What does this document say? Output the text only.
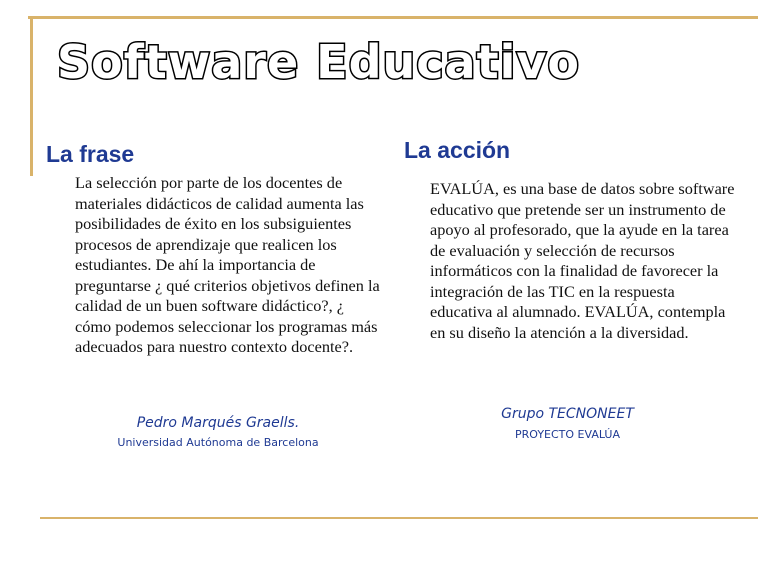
Software Educativo
La frase
La selección por parte de los docentes de materiales didácticos de calidad aumenta las posibilidades de éxito en los subsiguientes procesos de aprendizaje que realicen los estudiantes. De ahí la importancia de preguntarse ¿ qué criterios objetivos definen la calidad de un buen software didáctico?, ¿ cómo podemos seleccionar los programas más adecuados para nuestro contexto docente?.
Pedro Marqués Graells.
Universidad Autónoma de Barcelona
La acción
EVALÚA, es una base de datos sobre software educativo que pretende ser un instrumento de apoyo al profesorado, que la ayude en la tarea de evaluación y selección de recursos informáticos con la finalidad de favorecer la integración de las TIC en la respuesta educativa al alumnado. EVALÚA, contempla en su diseño la atención a la diversidad.
Grupo TECNONEET
PROYECTO EVALÚA
